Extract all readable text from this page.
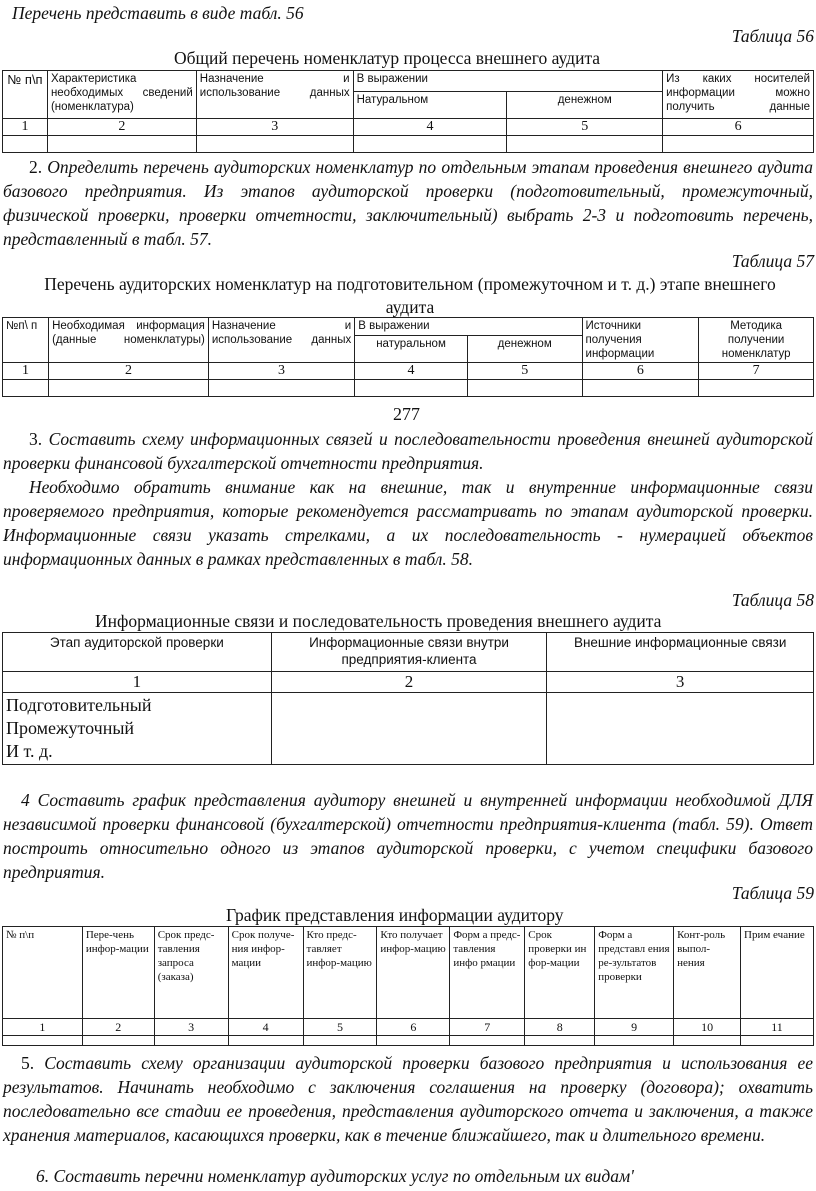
Перечень представить в виде табл. 56
Таблица 56
Общий перечень номенклатур процесса внешнего аудита
№ п\п	Характеристика необходимых сведений (номенклатура)	Назначение и использование данных	В выражении		Из каких носителей информации можно получить данные
			Натуральном	денежном	
1	2	3	4	5	6

2. Определить перечень аудиторских номенклатур по отдельным этапам проведения внешнего аудита базового предприятия. Из этапов аудиторской проверки (подготовительный, промежуточный, физической проверки, проверки отчетности, заключительный) выбрать 2-3 и подготовить перечень, представленный в табл. 57.
Таблица 57
Перечень аудиторских номенклатур на подготовительном (промежуточном и т. д.) этапе внешнего аудита
№п\ п	Необходимая информация (данные номенклатуры)	Назначение и использование данных	В выражении		Источники получения информации	Методика получении номенклатур
			натуральном	денежном		
1	2	3	4	5	6	7

277
3. Составить схему информационных связей и последовательности проведения внешней аудиторской проверки финансовой бухгалтерской отчетности предприятия.
Необходимо обратить внимание как на внешние, так и внутренние информационные связи проверяемого предприятия, которые рекомендуется рассматривать по этапам аудиторской проверки. Информационные связи указать стрелками, а их последовательность - нумерацией объектов информационных данных в рамках представленных в табл. 58.
Таблица 58
Информационные связи и последовательность проведения внешнего аудита
Этап аудиторской проверки	Информационные связи внутри предприятия-клиента	Внешние информационные связи
1	2	3

Подготовительный
Промежуточный
И т. д.		

4 Составить график представления аудитору внешней и внутренней информации необходимой ДЛЯ независимой проверки финансовой (бухгалтерской) отчетности предприятия-клиента (табл. 59). Ответ построить относительно одного из этапов аудиторской проверки, с учетом специфики базового предприятия.
Таблица 59
График представления информации аудитору
№ п\п	Пере-чень инфор-мации	Срок предс-тавления запроса (заказа)	Срок получе-ния инфор-мации	Кто предс-тавляет инфор-мацию	Кто получает инфор-мацию	Форм а предс-тавления инфо рмации	Срок проверки ин фор-мации	Форм а представл ения ре-зультатов проверки	Конт-роль выпол-нения	Прим ечание
1	2	3	4	5	6	7	8	9	10	11

5. Составить схему организации аудиторской проверки базового предприятия и использования ее результатов. Начинать необходимо с заключения соглашения на проверку (договора); охватить последовательно все стадии ее проведения, представления аудиторского отчета и заключения, а также хранения материалов, касающихся проверки, как в течение ближайшего, так и длительного времени.
6. Составить перечни номенклатур аудиторских услуг по отдельным их видам'
